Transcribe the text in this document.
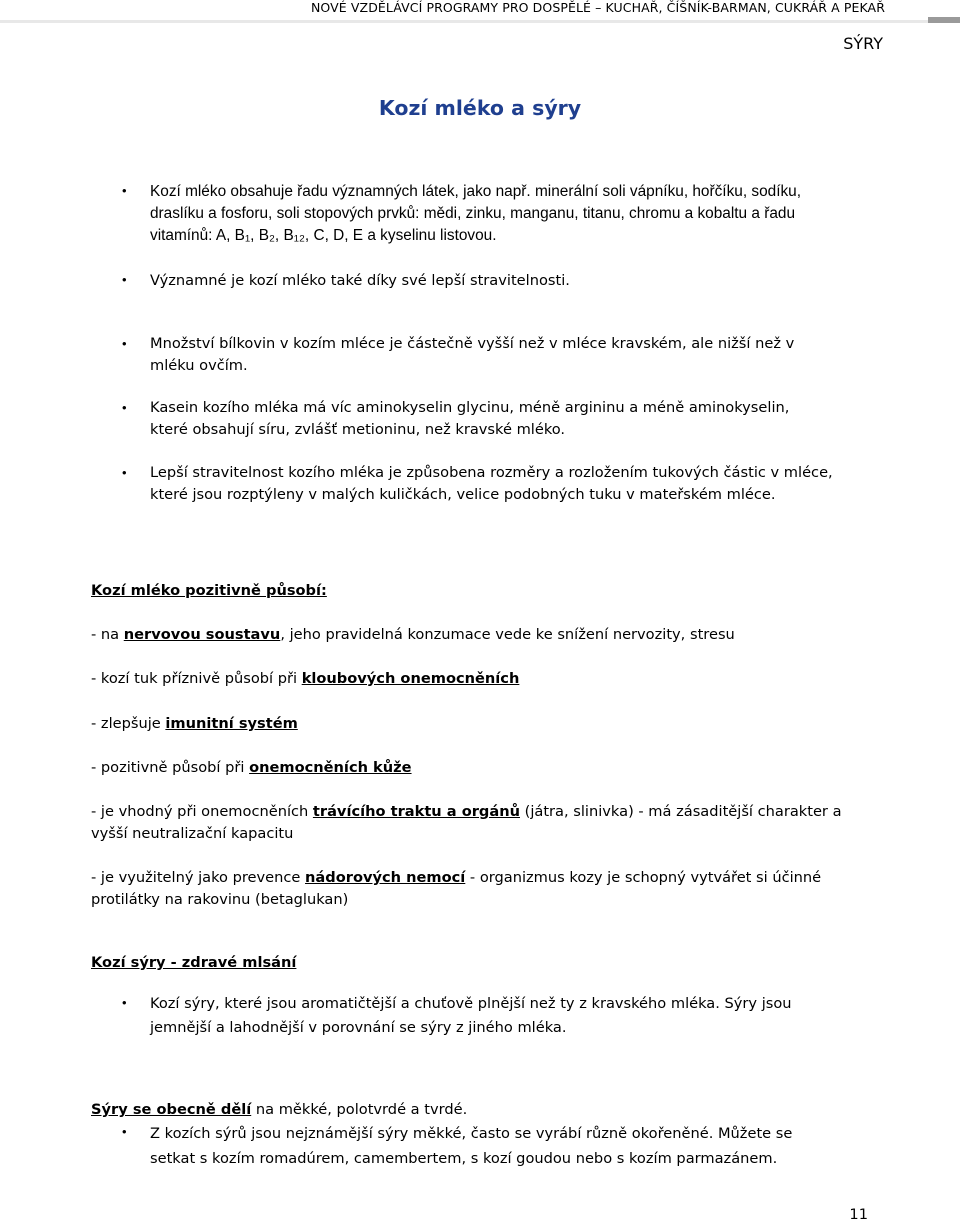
NOVÉ VZDĚLÁVCÍ PROGRAMY PRO DOSPĚLÉ – KUCHAŘ, ČÍŠNÍK-BARMAN, CUKRÁŘ A PEKAŘ
SÝRY
Kozí mléko a sýry
• Kozí mléko obsahuje řadu významných látek, jako např. minerální soli vápníku, hořčíku, sodíku, draslíku a fosforu, soli stopových prvků: mědi, zinku, manganu, titanu, chromu a kobaltu a řadu vitamínů: A, B₁, B₂, B₁₂, C, D, E a kyselinu listovou.
• Významné je kozí mléko také díky své lepší stravitelnosti.
• Množství bílkovin v kozím mléce je částečně vyšší než v mléce kravském, ale nižší než v mléku ovčím.
• Kasein kozího mléka má víc aminokyselin glycinu, méně argininu a méně aminokyselin, které obsahují síru, zvlášť metioninu, než kravské mléko.
• Lepší stravitelnost kozího mléka je způsobena rozměry a rozložením tukových částic v mléce, které jsou rozptýleny v malých kuličkách, velice podobných tuku v mateřském mléce.
Kozí mléko pozitivně působí:
- na nervovou soustavu, jeho pravidelná konzumace vede ke snížení nervozity, stresu
- kozí tuk příznivě působí při kloubových onemocněních
- zlepšuje imunitní systém
- pozitivně působí při onemocněních kůže
- je vhodný při onemocněních trávícího traktu a orgánů (játra, slinivka) - má zásaditější charakter a vyšší neutralizační kapacitu
- je využitelný jako prevence nádorových nemocí - organizmus kozy je schopný vytvářet si účinné protilátky na rakovinu (betaglukan)
Kozí sýry - zdravé mlsání
• Kozí sýry, které jsou aromatičtější a chuťově plnější než ty z kravského mléka. Sýry jsou jemnější a lahodnější v porovnání se sýry z jiného mléka.
Sýry se obecně dělí na měkké, polotvrdé a tvrdé.
• Z kozích sýrů jsou nejznámější sýry měkké, často se vyrábí různě okořeněné. Můžete se setkat s kozím romadúrem, camembertem, s kozí goudou nebo s kozím parmazánem.
11
